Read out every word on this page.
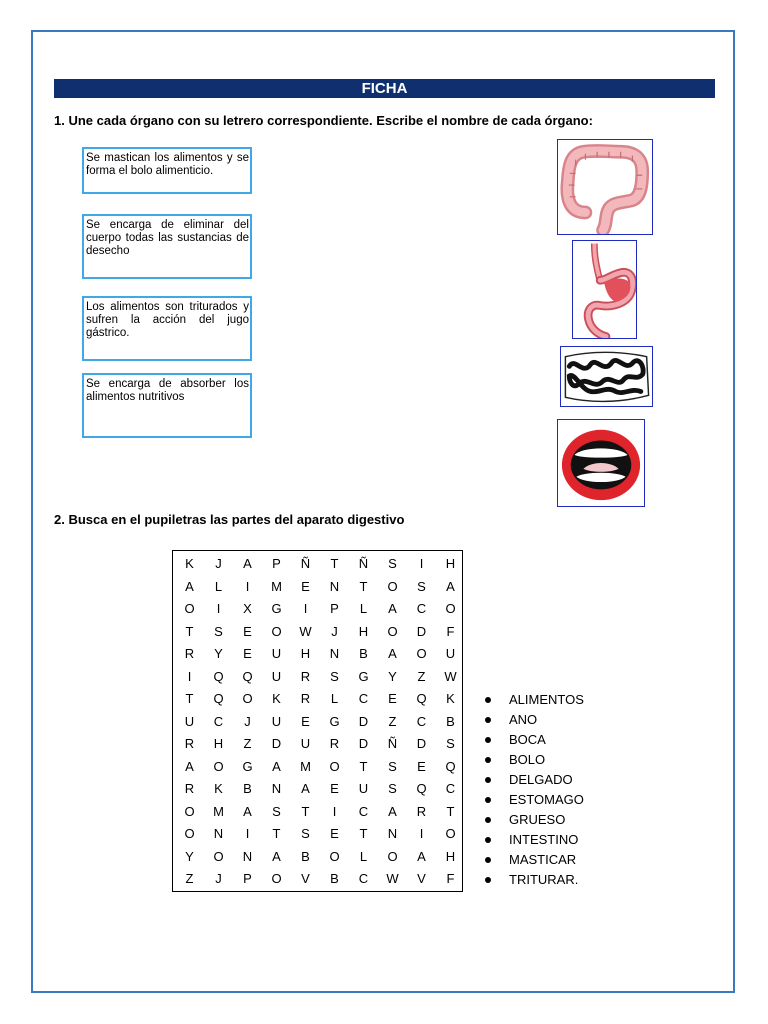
FICHA
1. Une cada órgano con su letrero correspondiente. Escribe el nombre de cada órgano:
Se mastican los alimentos y se forma el bolo alimenticio.
Se encarga de eliminar del cuerpo todas las sustancias de desecho
Los alimentos son triturados y sufren la acción del jugo gástrico.
Se encarga de absorber los alimentos nutritivos
2. Busca en el pupiletras las partes del aparato digestivo
K	J	A	P	Ñ	T	Ñ	S	I	H
A	L	I	M	E	N	T	O	S	A
O	I	X	G	I	P	L	A	C	O
T	S	E	O	W	J	H	O	D	F
R	Y	E	U	H	N	B	A	O	U
I	Q	Q	U	R	S	G	Y	Z	W
T	Q	O	K	R	L	C	E	Q	K
U	C	J	U	E	G	D	Z	C	B
R	H	Z	D	U	R	D	Ñ	D	S
A	O	G	A	M	O	T	S	E	Q
R	K	B	N	A	E	U	S	Q	C
O	M	A	S	T	I	C	A	R	T
O	N	I	T	S	E	T	N	I	O
Y	O	N	A	B	O	L	O	A	H
Z	J	P	O	V	B	C	W	V	F
ALIMENTOS
ANO
BOCA
BOLO
DELGADO
ESTOMAGO
GRUESO
INTESTINO
MASTICAR
TRITURAR.
